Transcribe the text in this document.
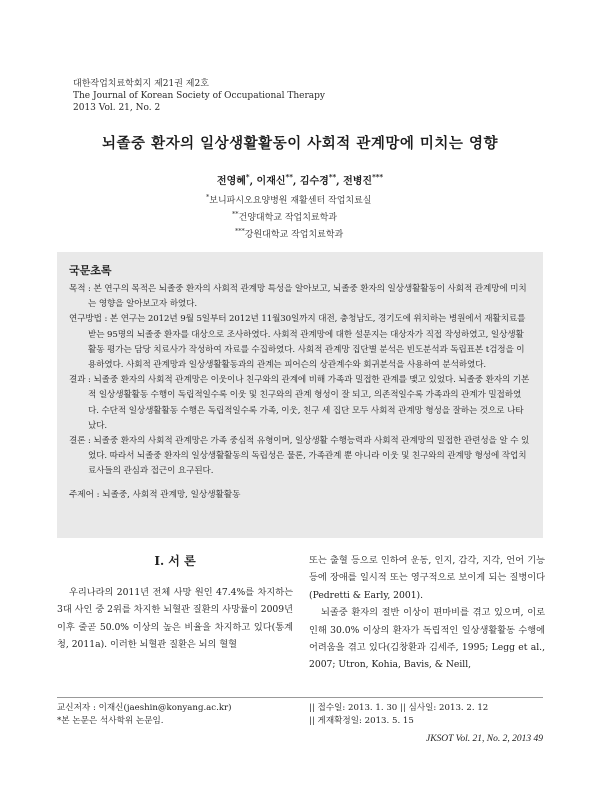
대한작업치료학회지 제21권 제2호
The Journal of Korean Society of Occupational Therapy
2013 Vol. 21, No. 2
뇌졸중 환자의 일상생활활동이 사회적 관계망에 미치는 영향
전영혜*, 이재신**, 김수경**, 전병진***
*보니파시오요양병원 재활센터 작업치료실
**건양대학교 작업치료학과
***강원대학교 작업치료학과
국문초록

목적 : 본 연구의 목적은 뇌졸중 환자의 사회적 관계망 특성을 알아보고, 뇌졸중 환자의 일상생활활동이 사회적 관계망에 미치는 영향을 알아보고자 하였다.

연구방법 : 본 연구는 2012년 9월 5일부터 2012년 11월30일까지 대전, 충청남도, 경기도에 위치하는 병원에서 재활치료를 받는 95명의 뇌졸중 환자를 대상으로 조사하였다. 사회적 관계망에 대한 설문지는 대상자가 직접 작성하였고, 일상생활활동 평가는 담당 치료사가 작성하여 자료를 수집하였다. 사회적 관계망 집단별 분석은 빈도분석과 독립표본 t검정을 이용하였다. 사회적 관계망과 일상생활활동과의 관계는 피어슨의 상관계수와 회귀분석을 사용하여 분석하였다.

결과 : 뇌졸중 환자의 사회적 관계망은 이웃이나 친구와의 관계에 비해 가족과 밀접한 관계를 맺고 있었다. 뇌졸중 환자의 기본적 일상생활활동 수행이 독립적일수록 이웃 및 친구와의 관계 형성이 잘 되고, 의존적일수록 가족과의 관계가 밀접하였다. 수단적 일상생활활동 수행은 독립적일수록 가족, 이웃, 친구 세 집단 모두 사회적 관계망 형성을 잘하는 것으로 나타났다.

결론 : 뇌졸중 환자의 사회적 관계망은 가족 중심적 유형이며, 일상생활 수행능력과 사회적 관계망의 밀접한 관련성을 알 수 있었다. 따라서 뇌졸중 환자의 일상생활활동의 독립성은 물론, 가족관계 뿐 아니라 이웃 및 친구와의 관계망 형성에 작업치료사들의 관심과 접근이 요구된다.

주제어 : 뇌졸중, 사회적 관계망, 일상생활활동
Ⅰ. 서 론

우리나라의 2011년 전체 사망 원인 47.4%를 차지하는 3대 사인 중 2위를 차지한 뇌혈관 질환의 사망률이 2009년 이후 줄곧 50.0% 이상의 높은 비율을 차지하고 있다(통계청, 2011a). 이러한 뇌혈관 질환은 뇌의 혈혈

또는 출혈 등으로 인하여 운동, 인지, 감각, 지각, 언어 기능 등에 장애를 일시적 또는 영구적으로 보이게 되는 질병이다(Pedretti & Early, 2001).

뇌졸중 환자의 절반 이상이 편마비를 겪고 있으며, 이로 인해 30.0% 이상의 환자가 독립적인 일상생활활동 수행에 어려움을 겪고 있다(김창환과 김세주, 1995; Legg et al., 2007; Utron, Kohia, Bavis, & Neill,

교신저자 : 이재신(jaeshin@konyang.ac.kr)
*본 논문은 석사학위 논문임.
|| 접수일: 2013. 1. 30 || 심사일: 2013. 2. 12
|| 게재확정일: 2013. 5. 15
JKSOT Vol. 21, No. 2, 2013 49
